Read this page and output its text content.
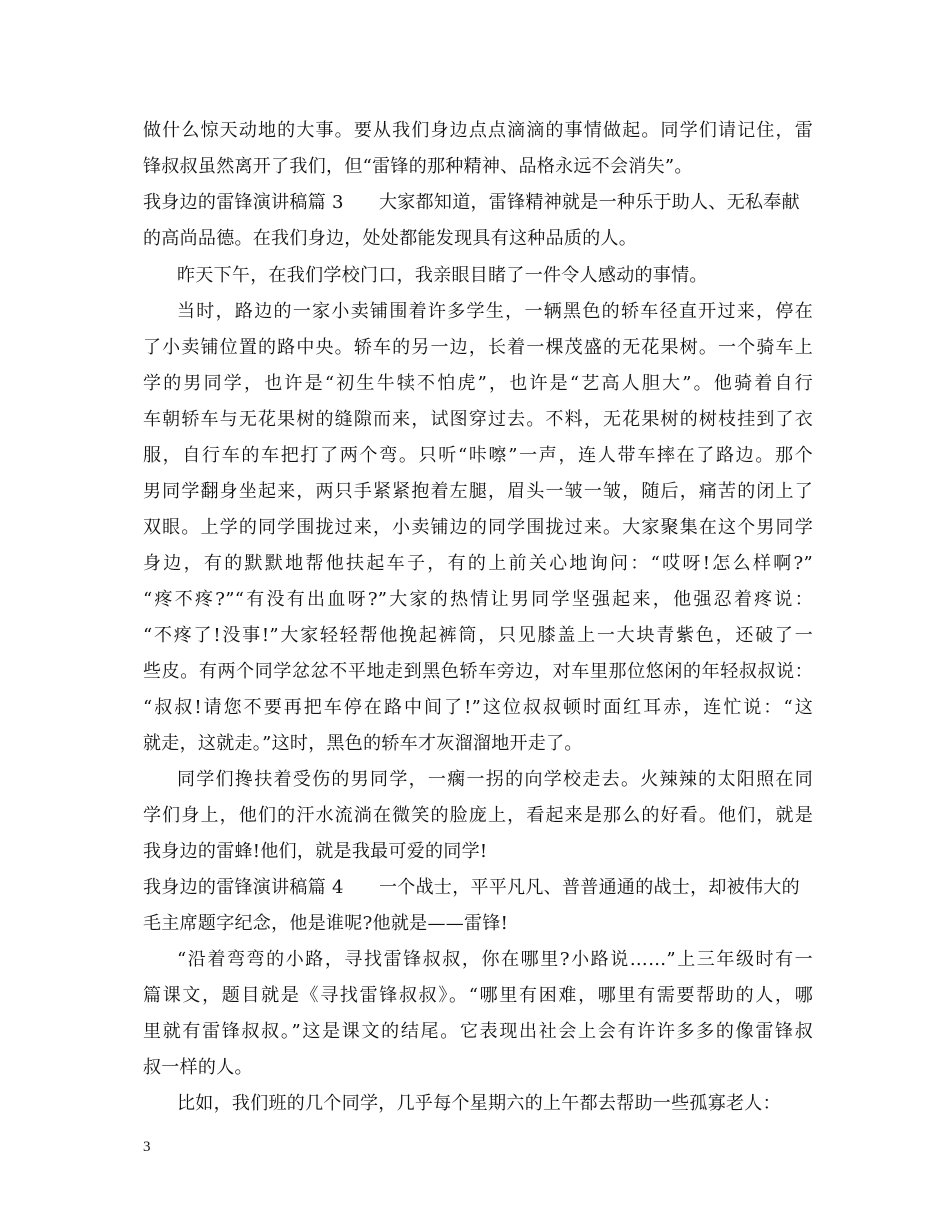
做什么惊天动地的大事。要从我们身边点点滴滴的事情做起。同学们请记住，雷
锋叔叔虽然离开了我们，但“雷锋的那种精神、品格永远不会消失”。
我身边的雷锋演讲稿篇 3 大家都知道，雷锋精神就是一种乐于助人、无私奉献
的高尚品德。在我们身边，处处都能发现具有这种品质的人。
昨天下午，在我们学校门口，我亲眼目睹了一件令人感动的事情。
当时，路边的一家小卖铺围着许多学生，一辆黑色的轿车径直开过来，停在
了小卖铺位置的路中央。轿车的另一边，长着一棵茂盛的无花果树。一个骑车上
学的男同学，也许是“初生牛犊不怕虎”，也许是“艺高人胆大”。他骑着自行
车朝轿车与无花果树的缝隙而来，试图穿过去。不料，无花果树的树枝挂到了衣
服，自行车的车把打了两个弯。只听“咔嚓”一声，连人带车摔在了路边。那个
男同学翻身坐起来，两只手紧紧抱着左腿，眉头一皱一皱，随后，痛苦的闭上了
双眼。上学的同学围拢过来，小卖铺边的同学围拢过来。大家聚集在这个男同学
身边，有的默默地帮他扶起车子，有的上前关心地询问：“哎呀!怎么样啊?”
“疼不疼?”“有没有出血呀?”大家的热情让男同学坚强起来，他强忍着疼说：
“不疼了!没事!”大家轻轻帮他挽起裤筒，只见膝盖上一大块青紫色，还破了一
些皮。有两个同学忿忿不平地走到黑色轿车旁边，对车里那位悠闲的年轻叔叔说：
“叔叔!请您不要再把车停在路中间了!”这位叔叔顿时面红耳赤，连忙说：“这
就走，这就走。”这时，黑色的轿车才灰溜溜地开走了。
同学们搀扶着受伤的男同学，一瘸一拐的向学校走去。火辣辣的太阳照在同
学们身上，他们的汗水流淌在微笑的脸庞上，看起来是那么的好看。他们，就是
我身边的雷蜂!他们，就是我最可爱的同学!
我身边的雷锋演讲稿篇 4 一个战士，平平凡凡、普普通通的战士，却被伟大的
毛主席题字纪念，他是谁呢?他就是——雷锋!
“沿着弯弯的小路，寻找雷锋叔叔，你在哪里?小路说……”上三年级时有一
篇课文，题目就是《寻找雷锋叔叔》。“哪里有困难，哪里有需要帮助的人，哪
里就有雷锋叔叔。”这是课文的结尾。它表现出社会上会有许许多多的像雷锋叔
叔一样的人。
比如，我们班的几个同学，几乎每个星期六的上午都去帮助一些孤寡老人：
3
